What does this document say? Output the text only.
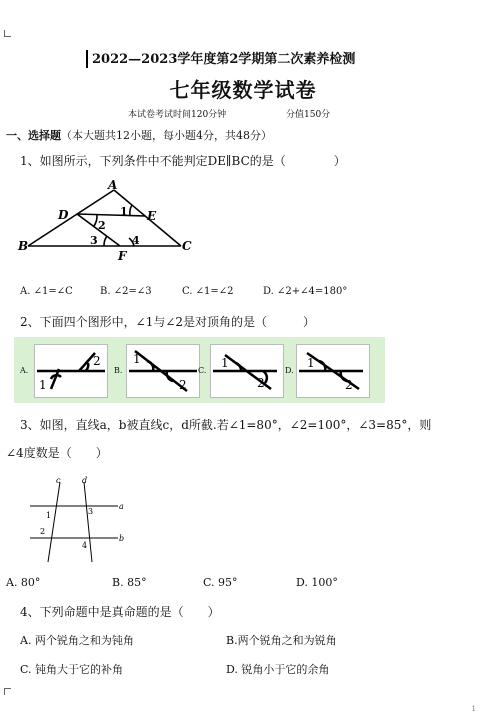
2022—2023学年度第2学期第二次素养检测
七年级数学试卷
本试卷考试时间120分钟	分值150分
一、选择题（本大题共12小题，每小题4分，共48分）
1、如图所示，下列条件中不能判定DE∥BC的是（　　　　）
A
D	E
B	C
F
1
2
3	4
A. ∠1=∠C	B. ∠2=∠3	C. ∠1=∠2	D. ∠2+∠4=180°
2、下面四个图形中，∠1与∠2是对顶角的是（　　　）
A.
1
2
B.
1
2
C.
1
2
D.
1
2
3、如图，直线a，b被直线c，d所截.若∠1=80°，∠2=100°，∠3=85°，则
∠4度数是（　　）
c	d
a
b
1
2
3
4
A. 80°	B. 85°	C. 95°	D. 100°
4、下列命题中是真命题的是（　　）
A. 两个锐角之和为钝角	B.两个锐角之和为锐角
C. 钝角大于它的补角	D. 锐角小于它的余角
1
